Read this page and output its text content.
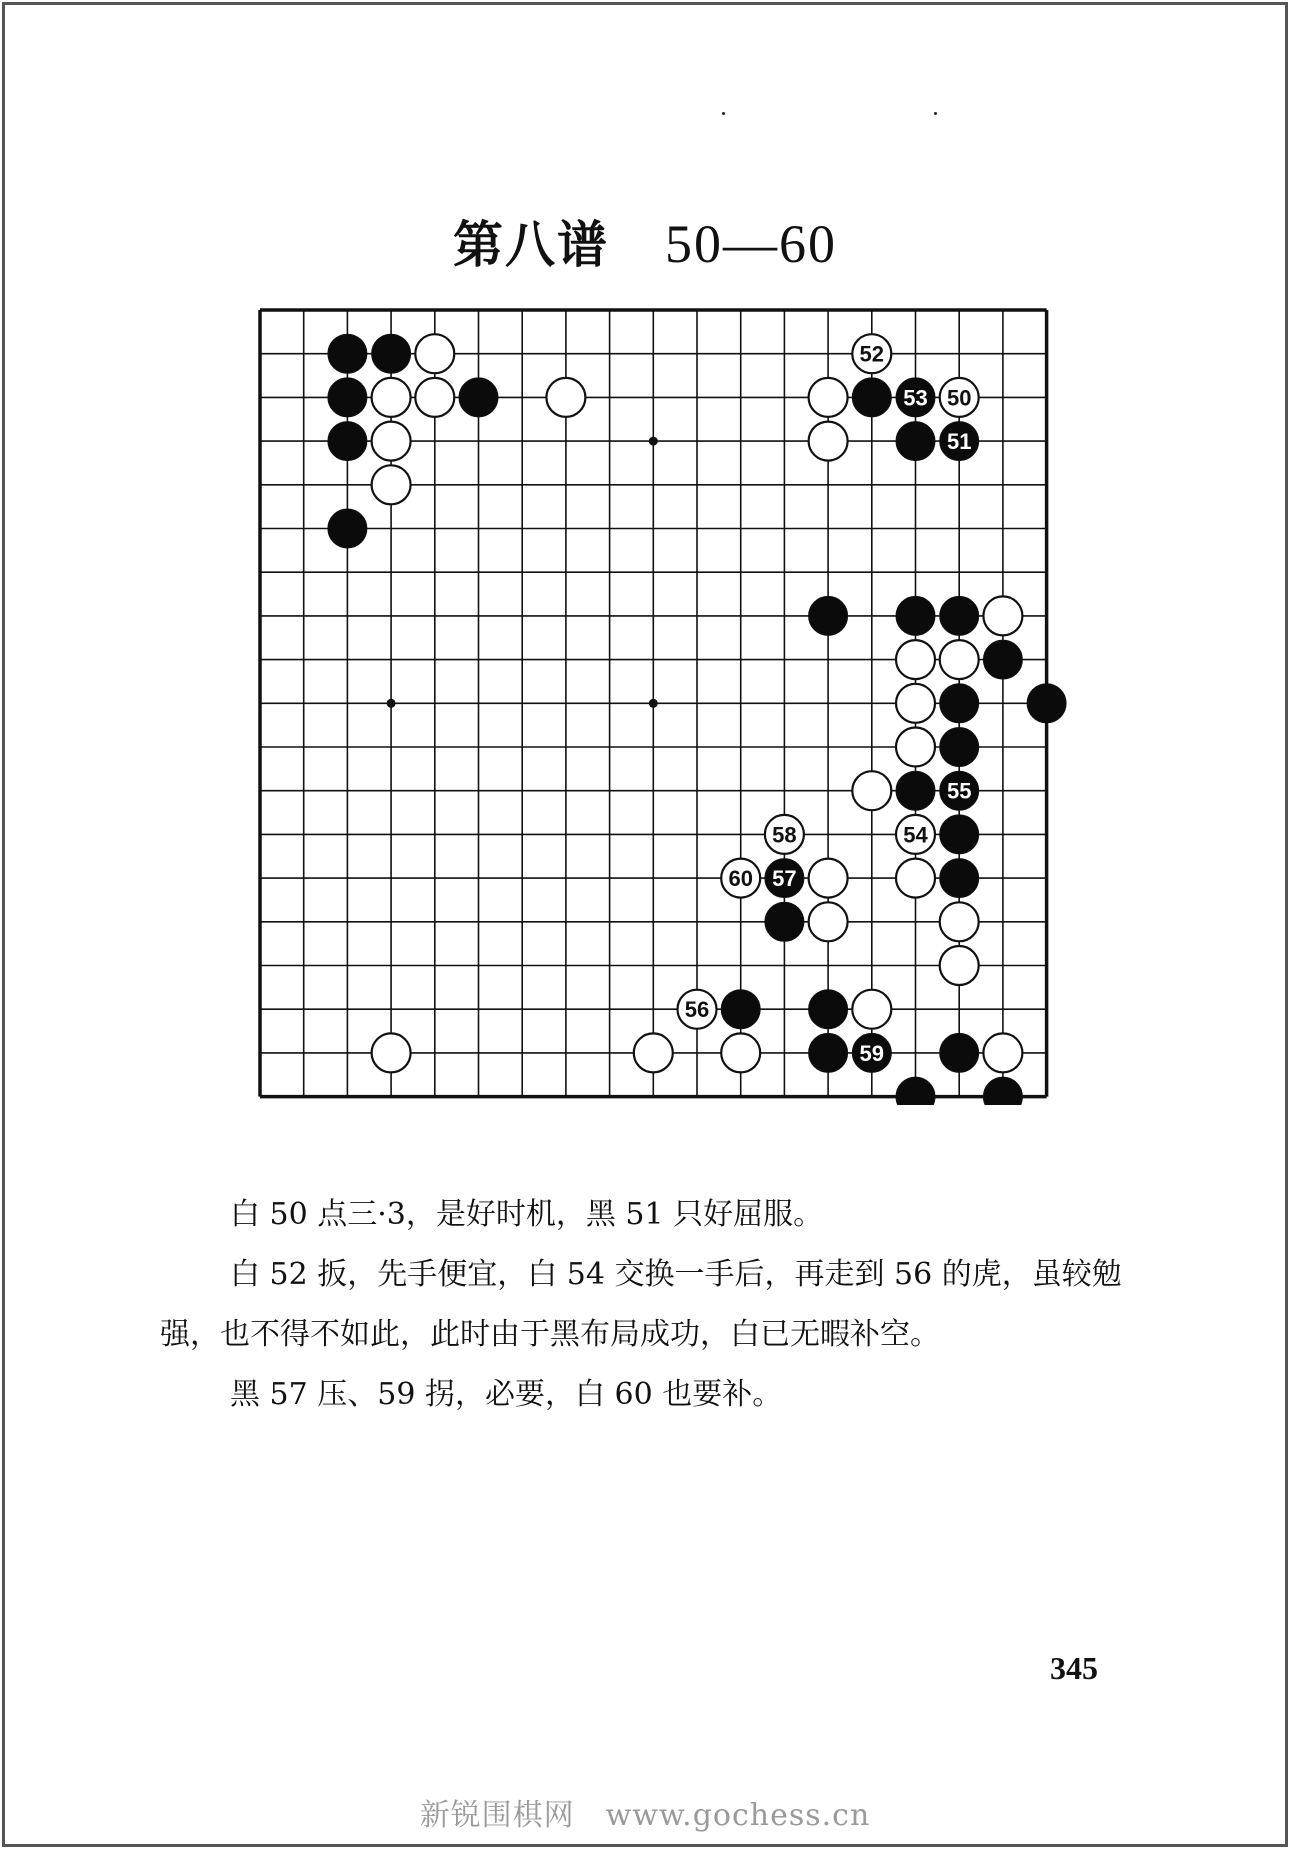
第八谱 50—60
50
51
52
53
54
55
56
57
58
59
60

白 50 点三·3，是好时机，黑 51 只好屈服。

白 52 扳，先手便宜，白 54 交换一手后，再走到 56 的虎，虽较勉强，也不得不如此，此时由于黑布局成功，白已无暇补空。

黑 57 压、59 拐，必要，白 60 也要补。

345
新锐围棋网　www.gochess.cn
